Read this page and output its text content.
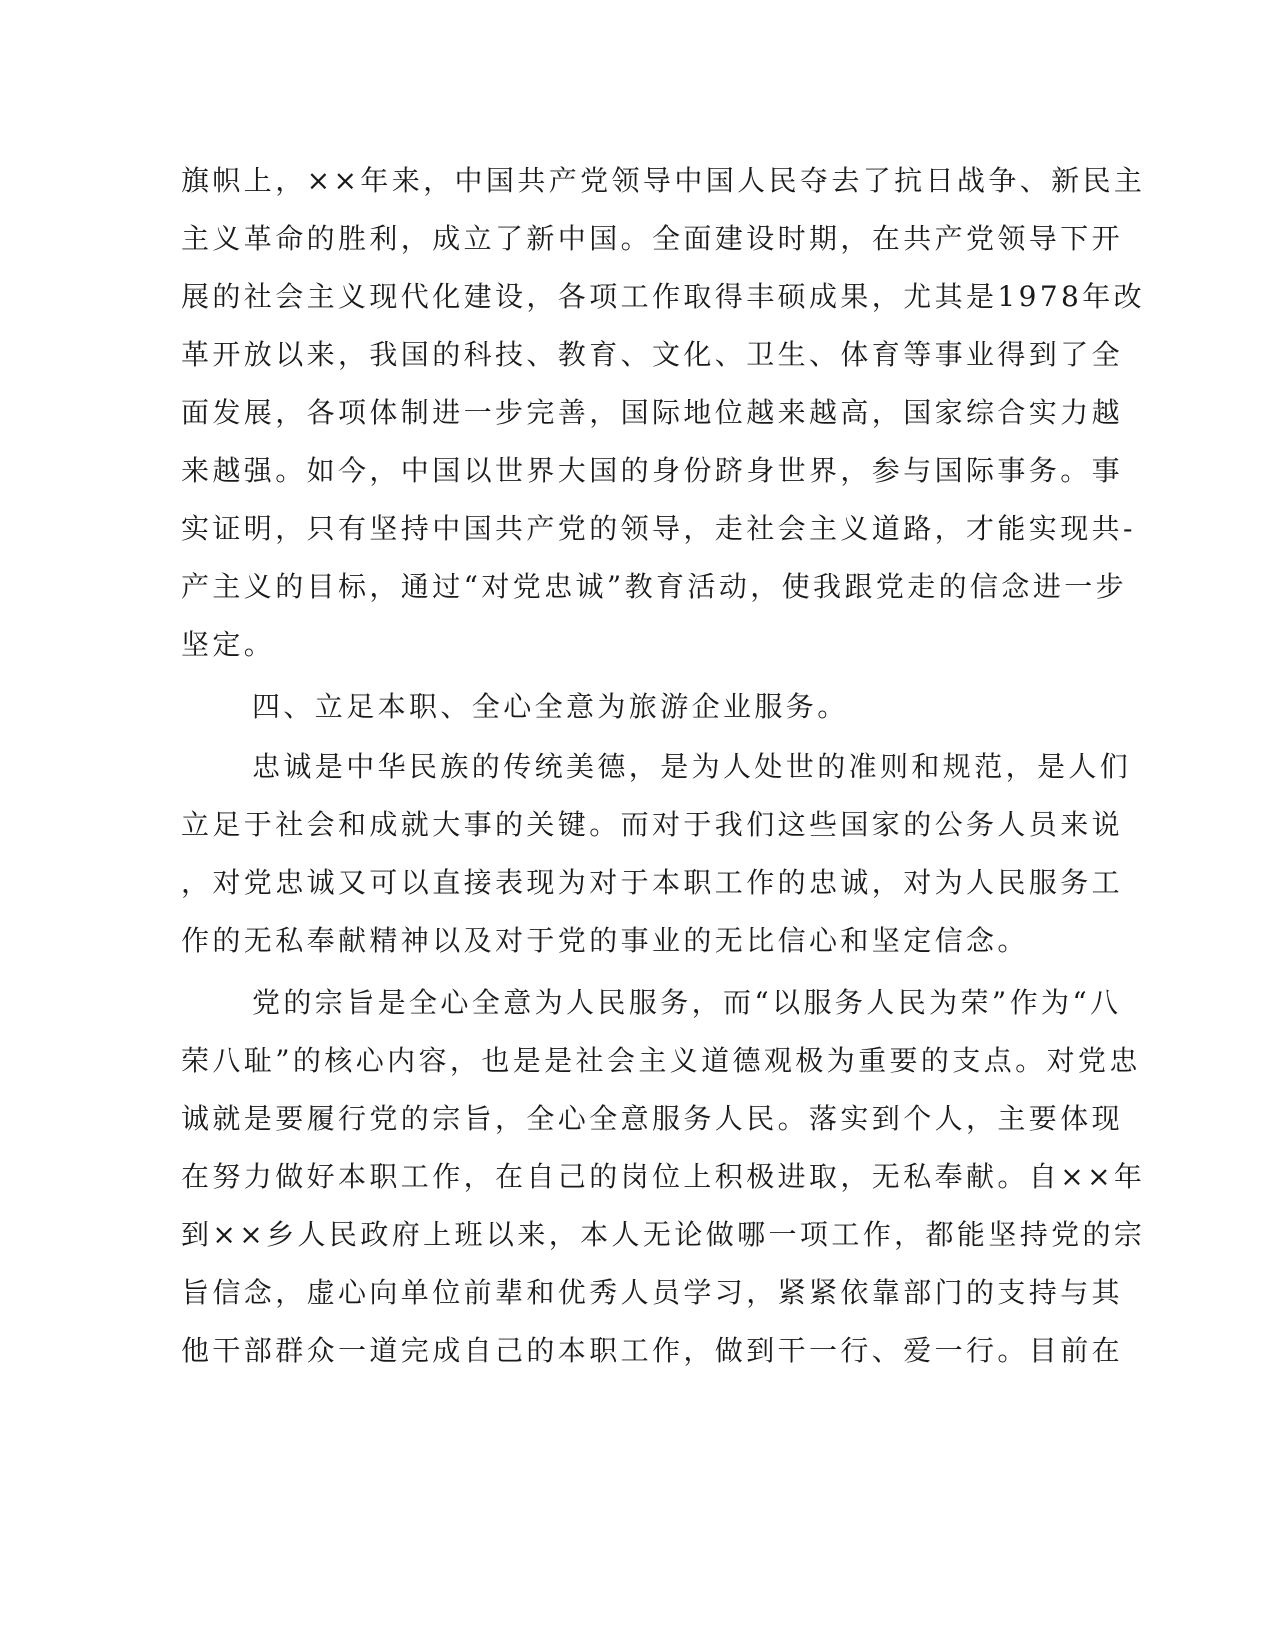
旗帜上，××年来，中国共产党领导中国人民夺去了抗日战争、新民主
主义革命的胜利，成立了新中国。全面建设时期，在共产党领导下开
展的社会主义现代化建设，各项工作取得丰硕成果，尤其是1978年改
革开放以来，我国的科技、教育、文化、卫生、体育等事业得到了全
面发展，各项体制进一步完善，国际地位越来越高，国家综合实力越
来越强。如今，中国以世界大国的身份跻身世界，参与国际事务。事
实证明，只有坚持中国共产党的领导，走社会主义道路，才能实现共-
产主义的目标，通过“对党忠诚”教育活动，使我跟党走的信念进一步
坚定。
四、立足本职、全心全意为旅游企业服务。
忠诚是中华民族的传统美德，是为人处世的准则和规范，是人们
立足于社会和成就大事的关键。而对于我们这些国家的公务人员来说
，对党忠诚又可以直接表现为对于本职工作的忠诚，对为人民服务工
作的无私奉献精神以及对于党的事业的无比信心和坚定信念。
党的宗旨是全心全意为人民服务，而“以服务人民为荣”作为“八
荣八耻”的核心内容，也是是社会主义道德观极为重要的支点。对党忠
诚就是要履行党的宗旨，全心全意服务人民。落实到个人，主要体现
在努力做好本职工作，在自己的岗位上积极进取，无私奉献。自××年
到××乡人民政府上班以来，本人无论做哪一项工作，都能坚持党的宗
旨信念，虚心向单位前辈和优秀人员学习，紧紧依靠部门的支持与其
他干部群众一道完成自己的本职工作，做到干一行、爱一行。目前在
